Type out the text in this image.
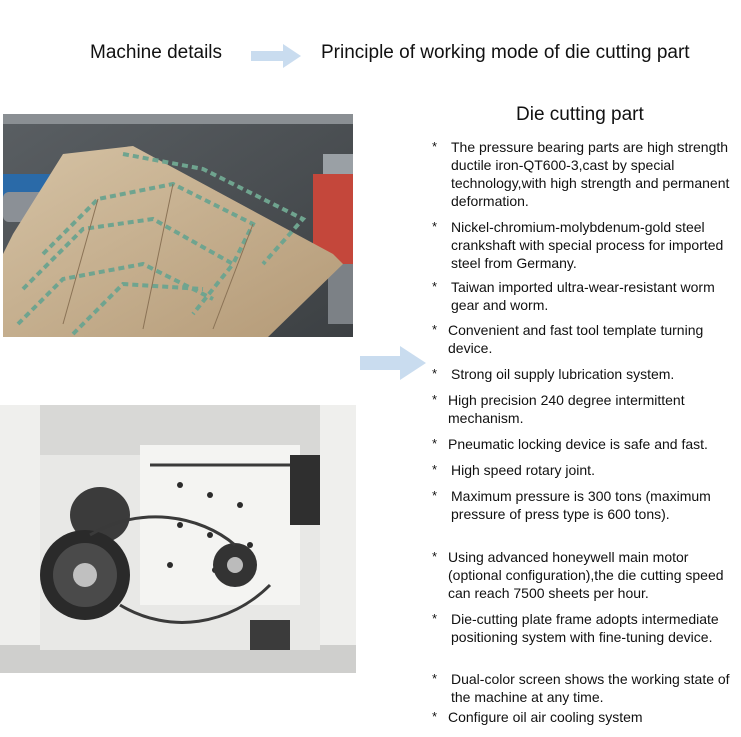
Machine details	Principle of working mode of die cutting part
Die cutting part
* The pressure bearing parts are high strength ductile iron-QT600-3,cast by special technology,with high strength and permanent deformation.
* Nickel-chromium-molybdenum-gold steel crankshaft with special process for imported steel from Germany.
* Taiwan imported ultra-wear-resistant worm gear and worm.
* Convenient and fast tool template turning device.
* Strong oil supply lubrication system.
* High precision 240 degree intermittent mechanism.
* Pneumatic locking device is safe and fast.
* High speed rotary joint.
* Maximum pressure is 300 tons (maximum pressure of press type is 600 tons).
* Using advanced honeywell main motor (optional configuration),the die cutting speed can reach 7500 sheets per hour.
* Die-cutting plate frame adopts intermediate positioning system with fine-tuning device.
* Dual-color screen shows the working state of the machine at any time.
* Configure oil air cooling system
